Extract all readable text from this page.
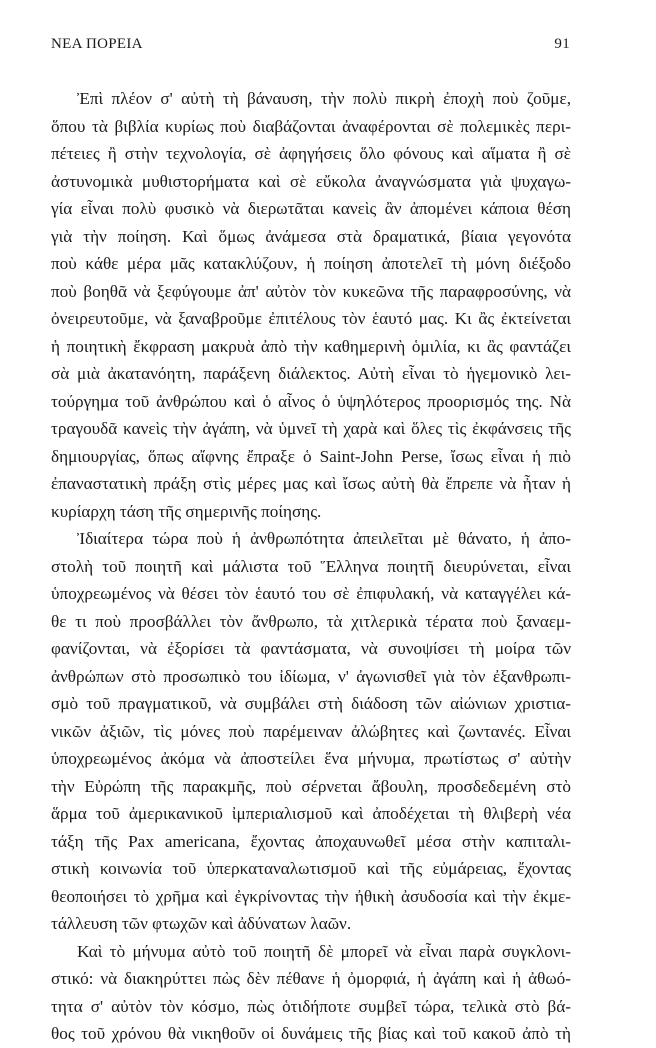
ΝΕΑ ΠΟΡΕΙΑ	91
Ἐπὶ πλέον σ' αὐτὴ τὴ βάναυση, τὴν πολὺ πικρὴ ἐποχὴ ποὺ ζοῦμε,
ὅπου τὰ βιβλία κυρίως ποὺ διαβάζονται ἀναφέρονται σὲ πολεμικὲς περι-
πέτειες ἢ στὴν τεχνολογία, σὲ ἀφηγήσεις ὅλο φόνους καὶ αἵματα ἢ σὲ
ἀστυνομικὰ μυθιστορήματα καὶ σὲ εὔκολα ἀναγνώσματα γιὰ ψυχαγω-
γία εἶναι πολὺ φυσικὸ νὰ διερωτᾶται κανεὶς ἂν ἀπομένει κάποια θέση
γιὰ τὴν ποίηση. Καὶ ὅμως ἀνάμεσα στὰ δραματικά, βίαια γεγονότα
ποὺ κάθε μέρα μᾶς κατακλύζουν, ἡ ποίηση ἀποτελεῖ τὴ μόνη διέξοδο
ποὺ βοηθᾶ νὰ ξεφύγουμε ἀπ' αὐτὸν τὸν κυκεῶνα τῆς παραφροσύνης, νὰ
ὀνειρευτοῦμε, νὰ ξαναβροῦμε ἐπιτέλους τὸν ἑαυτό μας. Κι ἂς ἐκτείνεται
ἡ ποιητικὴ ἔκφραση μακρυὰ ἀπὸ τὴν καθημερινὴ ὁμιλία, κι ἂς φαντάζει
σὰ μιὰ ἀκατανόητη, παράξενη διάλεκτος. Αὐτὴ εἶναι τὸ ἡγεμονικὸ λει-
τούργημα τοῦ ἀνθρώπου καὶ ὁ αἶνος ὁ ὑψηλότερος προορισμός της. Νὰ
τραγουδᾶ κανεὶς τὴν ἀγάπη, νὰ ὑμνεῖ τὴ χαρὰ καὶ ὅλες τὶς ἐκφάνσεις τῆς
δημιουργίας, ὅπως αἴφνης ἔπραξε ὁ Saint-John Perse, ἴσως εἶναι ἡ πιὸ
ἐπαναστατικὴ πράξη στὶς μέρες μας καὶ ἴσως αὐτὴ θὰ ἔπρεπε νὰ ἦταν ἡ
κυρίαρχη τάση τῆς σημερινῆς ποίησης.
Ἰδιαίτερα τώρα ποὺ ἡ ἀνθρωπότητα ἀπειλεῖται μὲ θάνατο, ἡ ἀπο-
στολὴ τοῦ ποιητῆ καὶ μάλιστα τοῦ Ἕλληνα ποιητῆ διευρύνεται, εἶναι
ὑποχρεωμένος νὰ θέσει τὸν ἑαυτό του σὲ ἐπιφυλακή, νὰ καταγγέλει κά-
θε τι ποὺ προσβάλλει τὸν ἄνθρωπο, τὰ χιτλερικὰ τέρατα ποὺ ξαναεμ-
φανίζονται, νὰ ἐξορίσει τὰ φαντάσματα, νὰ συνοψίσει τὴ μοίρα τῶν
ἀνθρώπων στὸ προσωπικὸ του ἰδίωμα, ν' ἀγωνισθεῖ γιὰ τὸν ἐξανθρωπι-
σμὸ τοῦ πραγματικοῦ, νὰ συμβάλει στὴ διάδοση τῶν αἰώνιων χριστια-
νικῶν ἀξιῶν, τὶς μόνες ποὺ παρέμειναν ἀλώβητες καὶ ζωντανές. Εἶναι
ὑποχρεωμένος ἀκόμα νὰ ἀποστείλει ἕνα μήνυμα, πρωτίστως σ' αὐτὴν
τὴν Εὐρώπη τῆς παρακμῆς, ποὺ σέρνεται ἄβουλη, προσδεδεμένη στὸ
ἅρμα τοῦ ἀμερικανικοῦ ἰμπεριαλισμοῦ καὶ ἀποδέχεται τὴ θλιβερὴ νέα
τάξη τῆς Pax americana, ἔχοντας ἀποχαυνωθεῖ μέσα στὴν καπιταλι-
στικὴ κοινωνία τοῦ ὑπερκαταναλωτισμοῦ καὶ τῆς εὐμάρειας, ἔχοντας
θεοποιήσει τὸ χρῆμα καὶ ἐγκρίνοντας τὴν ἠθικὴ ἀσυδοσία καὶ τὴν ἐκμε-
τάλλευση τῶν φτωχῶν καὶ ἀδύνατων λαῶν.
Καὶ τὸ μήνυμα αὐτὸ τοῦ ποιητῆ δὲ μπορεῖ νὰ εἶναι παρὰ συγκλονι-
στικό: νὰ διακηρύττει πὼς δὲν πέθανε ἡ ὀμορφιά, ἡ ἀγάπη καὶ ἡ ἀθωό-
τητα σ' αὐτὸν τὸν κόσμο, πὼς ὁτιδήποτε συμβεῖ τώρα, τελικὰ στὸ βά-
θος τοῦ χρόνου θὰ νικηθοῦν οἱ δυνάμεις τῆς βίας καὶ τοῦ κακοῦ ἀπὸ τὴ
